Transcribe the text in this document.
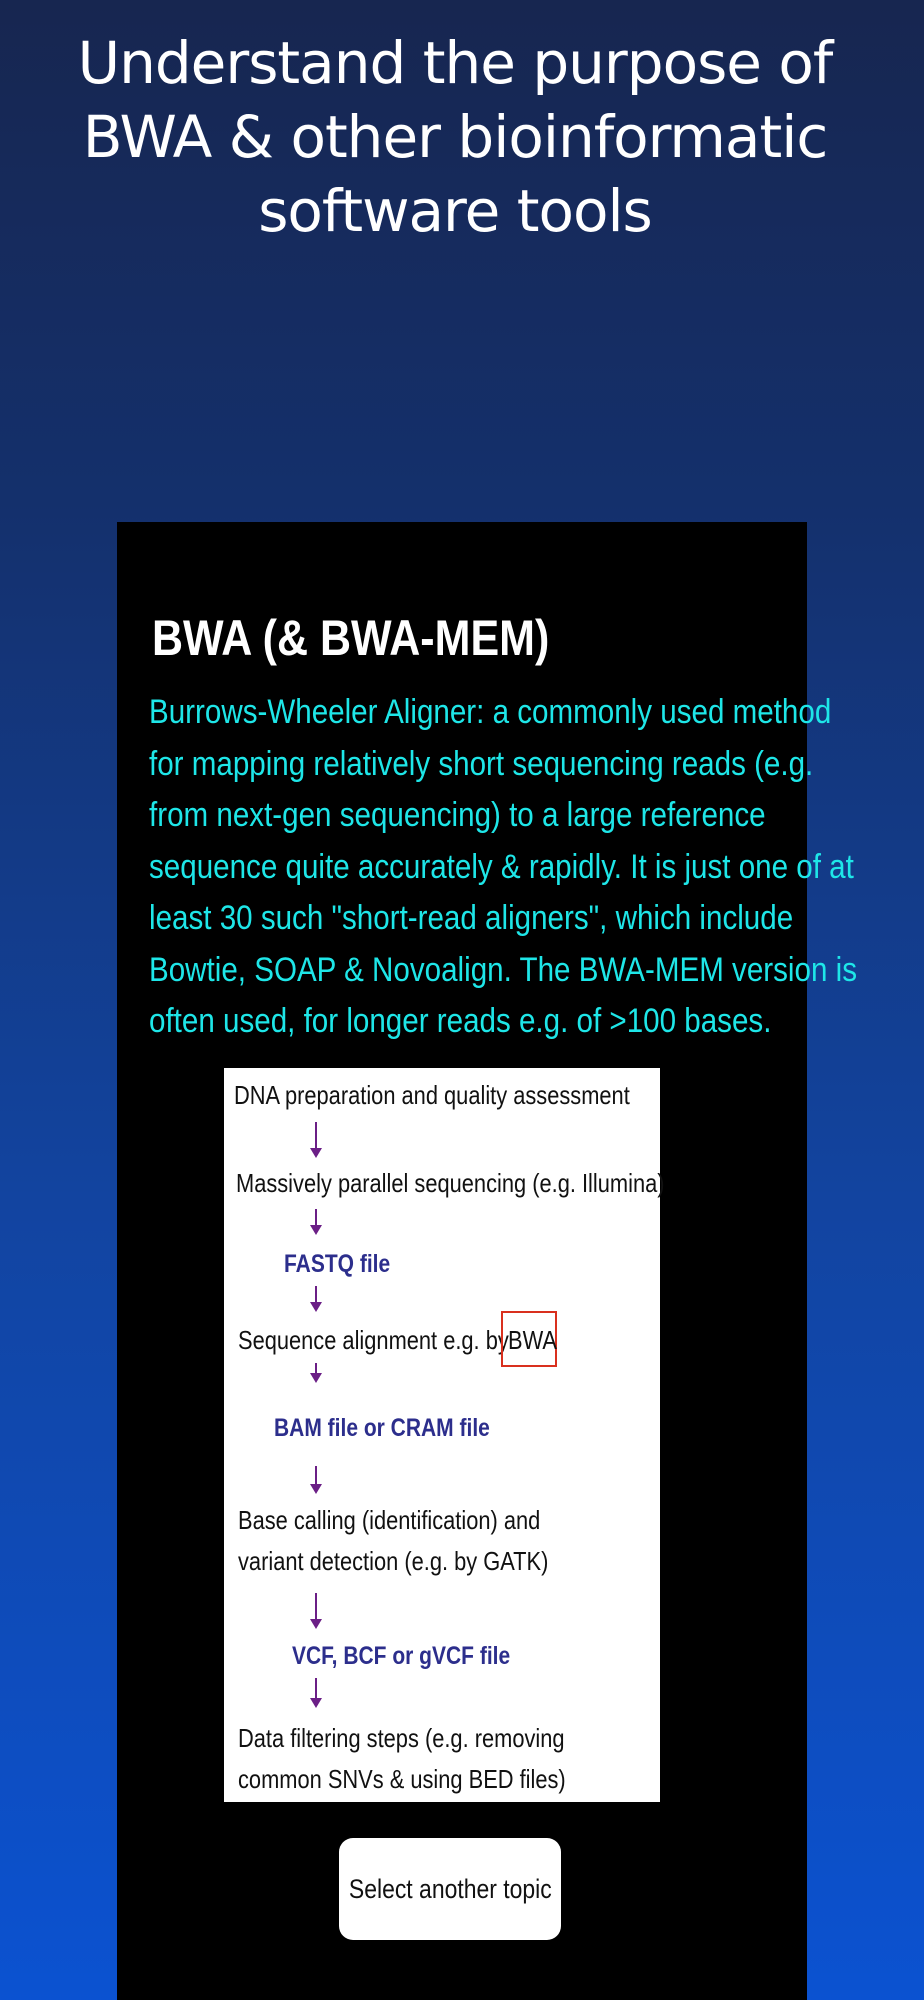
Understand the purpose of
BWA & other bioinformatic
software tools
BWA (& BWA-MEM)
Burrows-Wheeler Aligner: a commonly used method
for mapping relatively short sequencing reads (e.g.
from next-gen sequencing) to a large reference
sequence quite accurately & rapidly. It is just one of at
least 30 such "short-read aligners", which include
Bowtie, SOAP & Novoalign. The BWA-MEM version is
often used, for longer reads e.g. of >100 bases.
DNA preparation and quality assessment
Massively parallel sequencing (e.g. Illumina)
FASTQ file
Sequence alignment e.g. by BWA
BAM file or CRAM file
Base calling (identification) and
variant detection (e.g. by GATK)
VCF, BCF or gVCF file
Data filtering steps (e.g. removing
common SNVs & using BED files)
Select another topic
